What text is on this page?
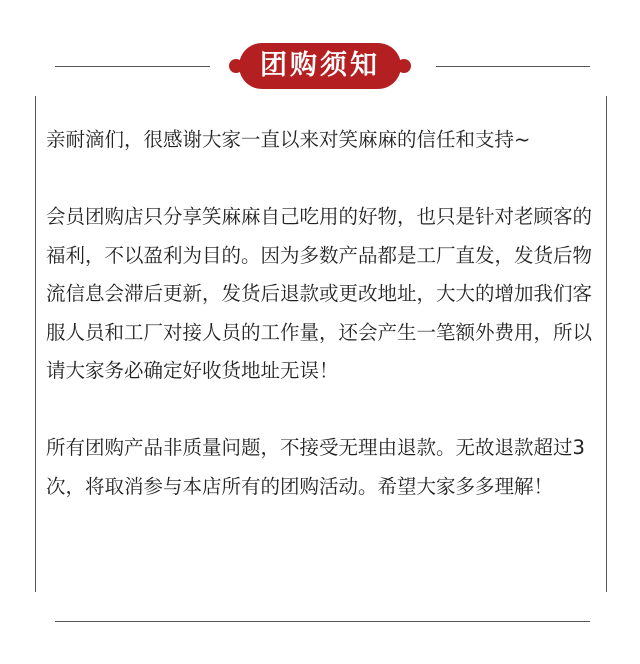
团购须知

亲耐滴们，很感谢大家一直以来对笑麻麻的信任和支持~

会员团购店只分享笑麻麻自己吃用的好物，也只是针对老顾客的福利，不以盈利为目的。因为多数产品都是工厂直发，发货后物流信息会滞后更新，发货后退款或更改地址，大大的增加我们客服人员和工厂对接人员的工作量，还会产生一笔额外费用，所以请大家务必确定好收货地址无误！

所有团购产品非质量问题，不接受无理由退款。无故退款超过3次，将取消参与本店所有的团购活动。希望大家多多理解！
